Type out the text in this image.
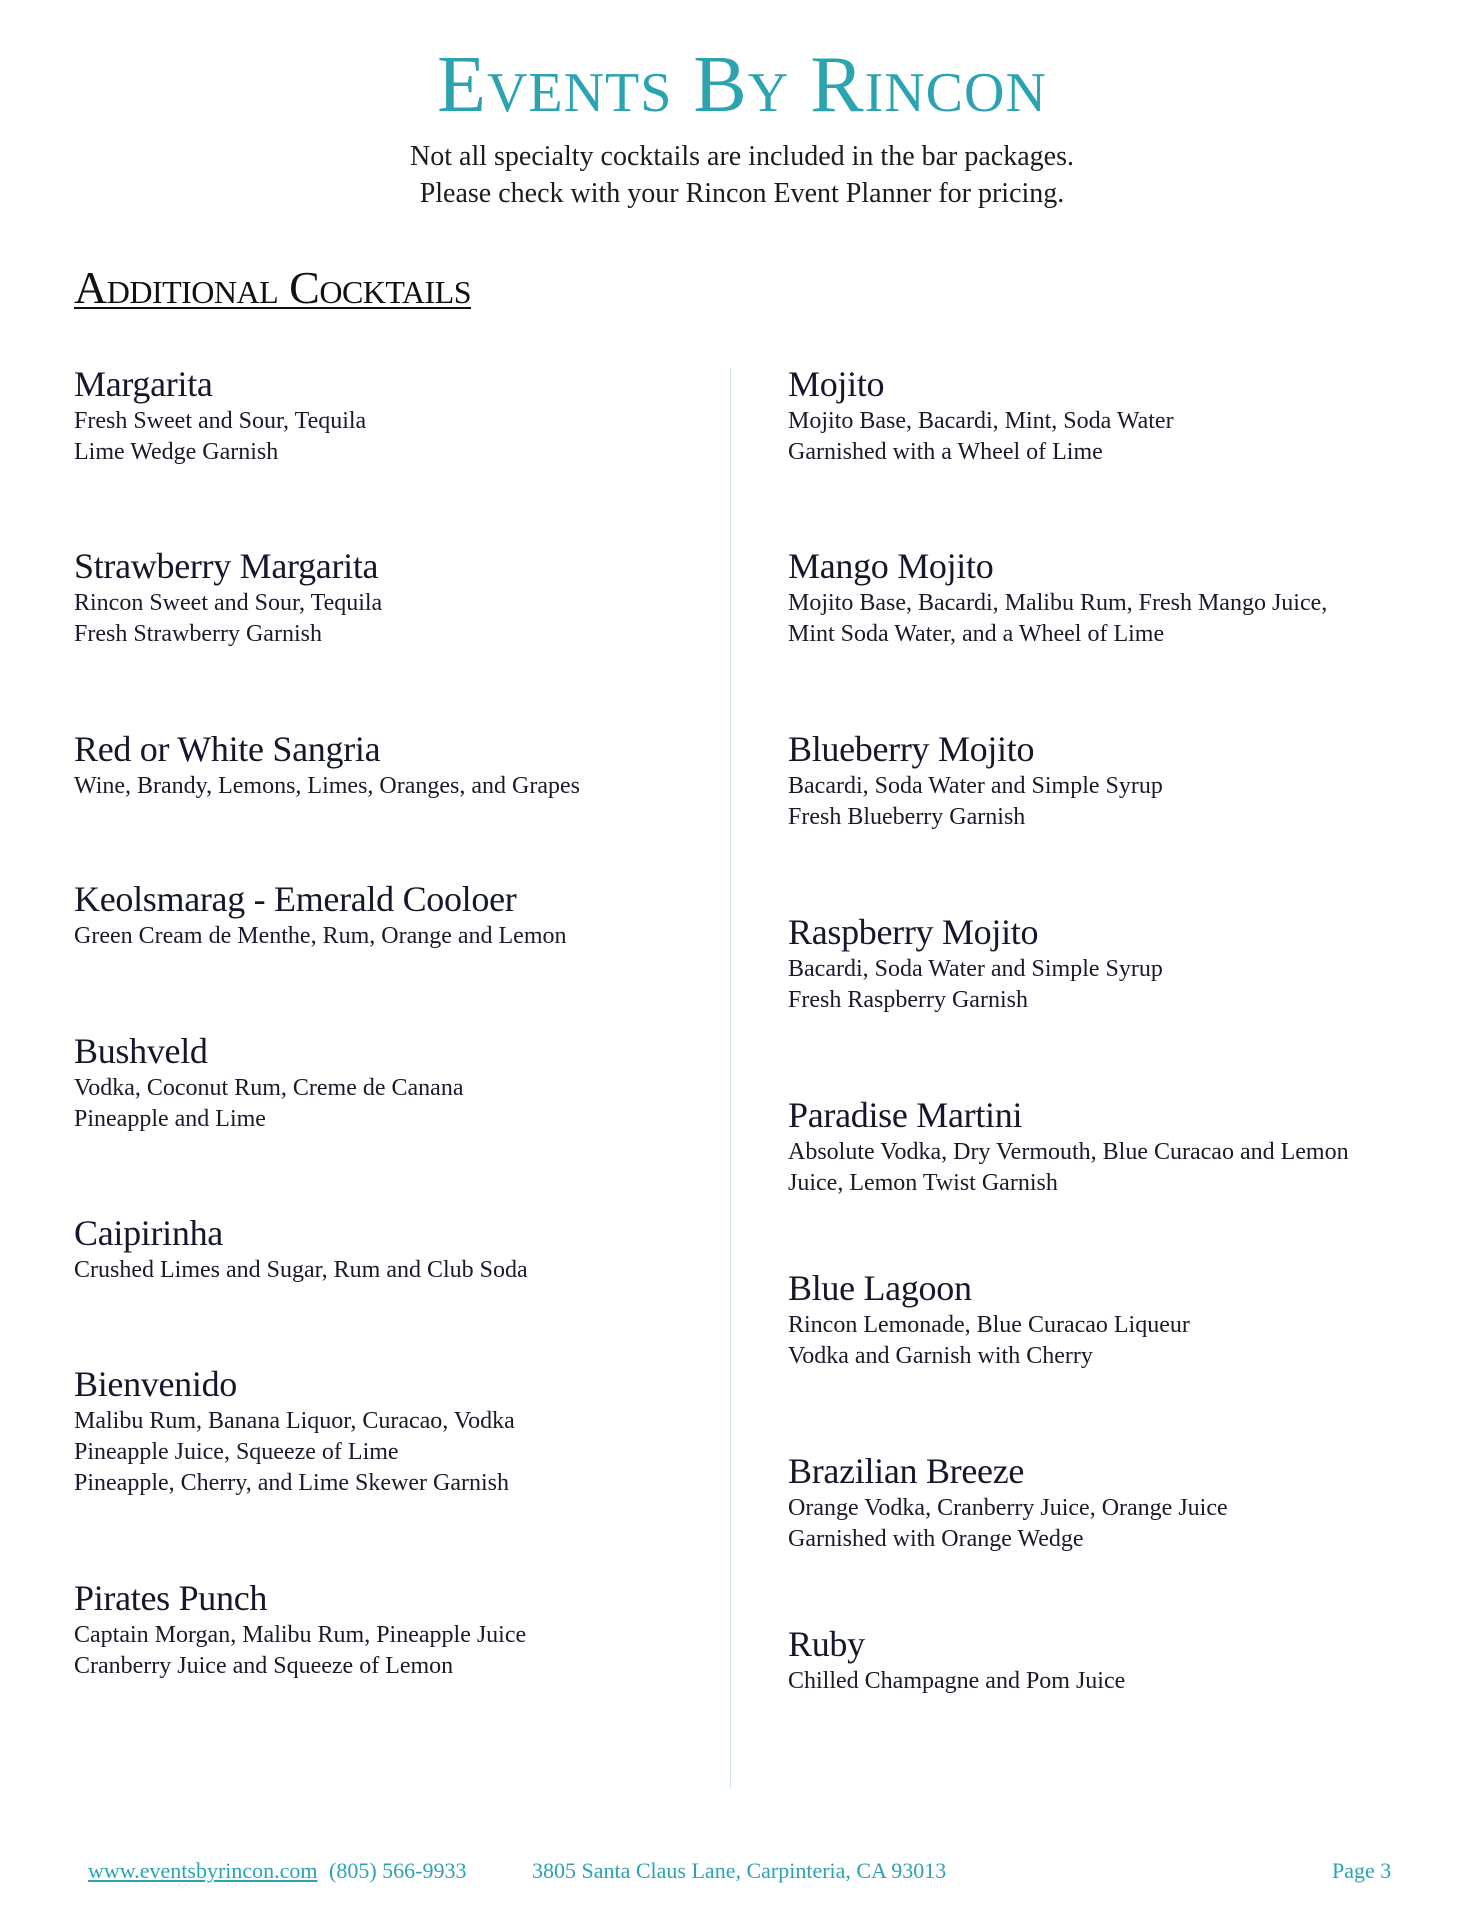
Events By Rincon
Not all specialty cocktails are included in the bar packages.
Please check with your Rincon Event Planner for pricing.
Additional Cocktails
Margarita
Fresh Sweet and Sour, Tequila
Lime Wedge Garnish
Strawberry Margarita
Rincon Sweet and Sour, Tequila
Fresh Strawberry Garnish
Red or White Sangria
Wine, Brandy, Lemons, Limes, Oranges, and Grapes
Keolsmarag - Emerald Cooloer
Green Cream de Menthe, Rum, Orange and Lemon
Bushveld
Vodka, Coconut Rum, Creme de Canana
Pineapple and Lime
Caipirinha
Crushed Limes and Sugar, Rum and Club Soda
Bienvenido
Malibu Rum, Banana Liquor, Curacao, Vodka
Pineapple Juice, Squeeze of Lime
Pineapple, Cherry, and Lime Skewer Garnish
Pirates Punch
Captain Morgan, Malibu Rum, Pineapple Juice
Cranberry Juice and Squeeze of Lemon
Mojito
Mojito Base, Bacardi, Mint, Soda Water
Garnished with a Wheel of Lime
Mango Mojito
Mojito Base, Bacardi, Malibu Rum, Fresh Mango Juice,
Mint Soda Water, and a Wheel of Lime
Blueberry Mojito
Bacardi, Soda Water and Simple Syrup
Fresh Blueberry Garnish
Raspberry Mojito
Bacardi, Soda Water and Simple Syrup
Fresh Raspberry Garnish
Paradise Martini
Absolute Vodka, Dry Vermouth, Blue Curacao and Lemon
Juice, Lemon Twist Garnish
Blue Lagoon
Rincon Lemonade, Blue Curacao Liqueur
Vodka and Garnish with Cherry
Brazilian Breeze
Orange Vodka, Cranberry Juice, Orange Juice
Garnished with Orange Wedge
Ruby
Chilled Champagne and Pom Juice
www.eventsbyrincon.com (805) 566-9933	3805 Santa Claus Lane, Carpinteria, CA 93013	Page 3
